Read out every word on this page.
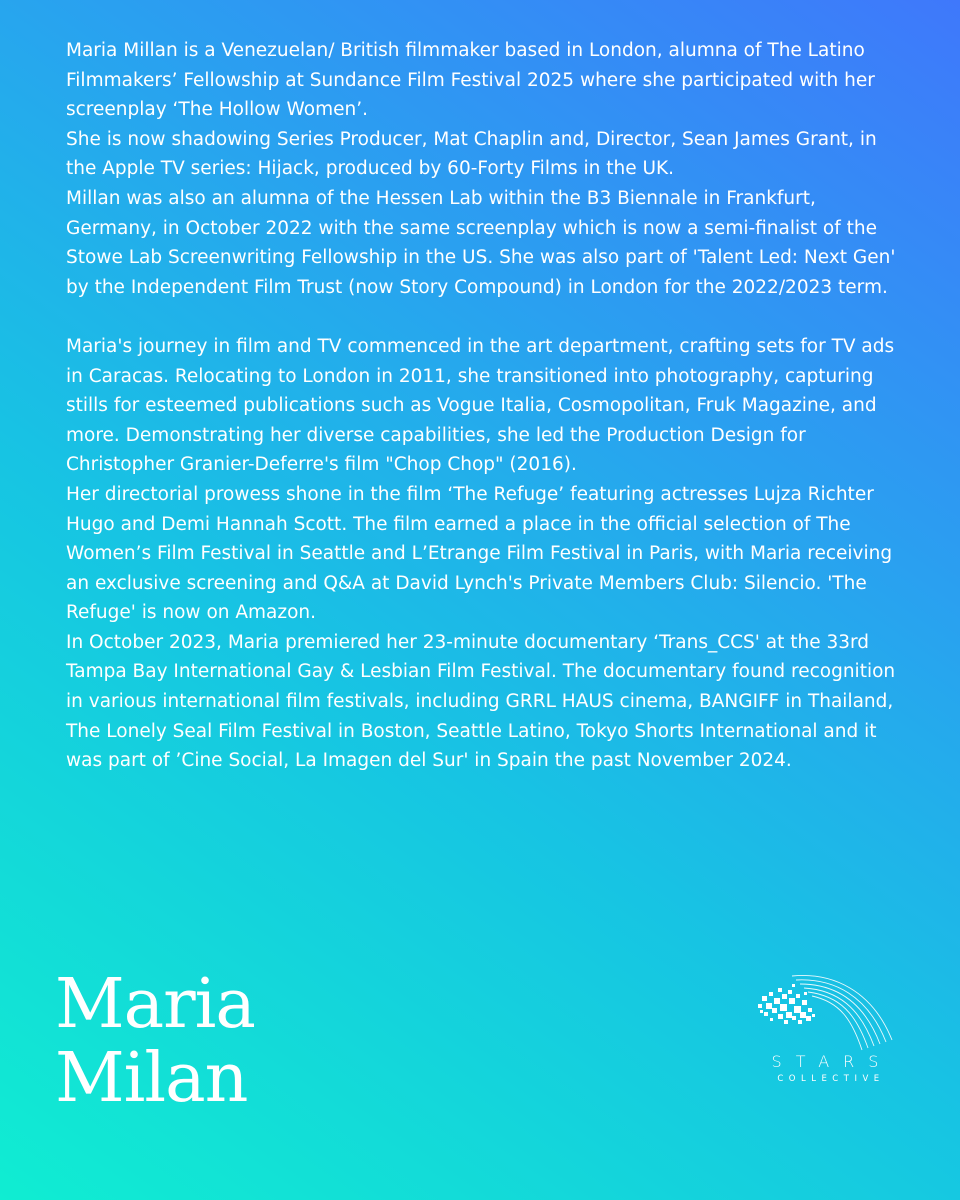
Maria Millan is a Venezuelan/ British filmmaker based in London, alumna of The Latino Filmmakers’ Fellowship at Sundance Film Festival 2025 where she participated with her screenplay ‘The Hollow Women’.

She is now shadowing Series Producer, Mat Chaplin and, Director, Sean James Grant, in the Apple TV series: Hijack, produced by 60-Forty Films in the UK.

Millan was also an alumna of the Hessen Lab within the B3 Biennale in Frankfurt, Germany, in October 2022 with the same screenplay which is now a semi-finalist of the Stowe Lab Screenwriting Fellowship in the US. She was also part of 'Talent Led: Next Gen' by the Independent Film Trust (now Story Compound) in London for the 2022/2023 term.

Maria's journey in film and TV commenced in the art department, crafting sets for TV ads in Caracas. Relocating to London in 2011, she transitioned into photography, capturing stills for esteemed publications such as Vogue Italia, Cosmopolitan, Fruk Magazine, and more. Demonstrating her diverse capabilities, she led the Production Design for Christopher Granier-Deferre's film "Chop Chop" (2016).

Her directorial prowess shone in the film ‘The Refuge’ featuring actresses Lujza Richter Hugo and Demi Hannah Scott. The film earned a place in the official selection of The Women’s Film Festival in Seattle and L’Etrange Film Festival in Paris, with Maria receiving an exclusive screening and Q&A at David Lynch's Private Members Club: Silencio. 'The Refuge' is now on Amazon.

In October 2023, Maria premiered her 23-minute documentary ‘Trans_CCS' at the 33rd Tampa Bay International Gay & Lesbian Film Festival. The documentary found recognition in various international film festivals, including GRRL HAUS cinema, BANGIFF in Thailand, The Lonely Seal Film Festival in Boston, Seattle Latino, Tokyo Shorts International and it was part of ’Cine Social, La Imagen del Sur' in Spain the past November 2024.

Maria
Milan	STARS
COLLECTIVE
